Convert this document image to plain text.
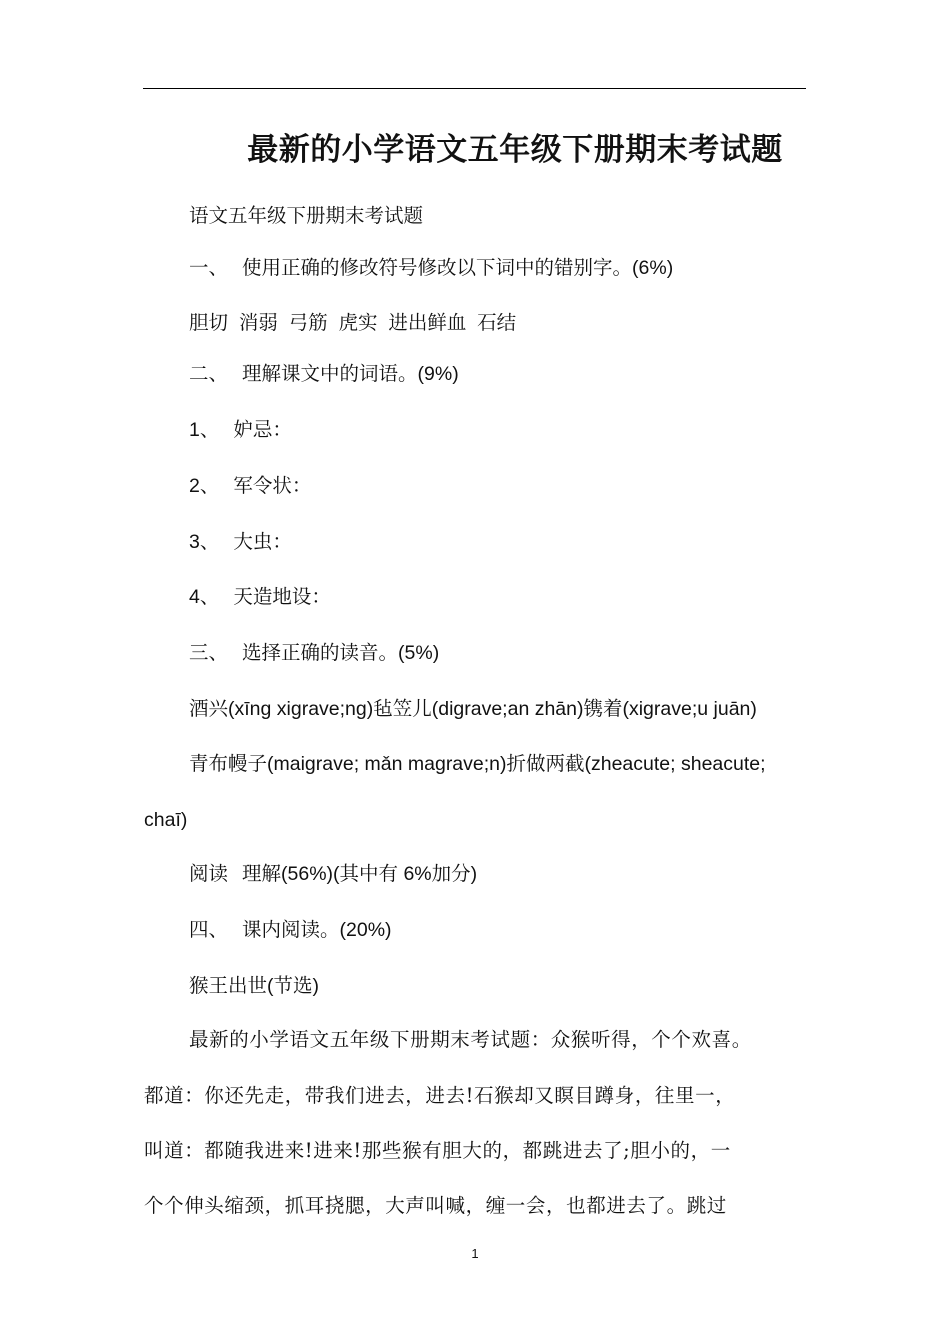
最新的小学语文五年级下册期末考试题
语文五年级下册期末考试题
一、 使用正确的修改符号修改以下词中的错别字。(6%)
胆切  消弱  弓筋  虎实  进出鲜血  石结
二、 理解课文中的词语。(9%)
1、 妒忌：
2、 军令状：
3、 大虫：
4、 天造地设：
三、 选择正确的读音。(5%)
酒兴(xīng xigrave;ng)毡笠儿(digrave;an zhān)镌着(xigrave;u juān)
青布幔子(maigrave; mǎn magrave;n)折做两截(zheacute; sheacute;
chaī)
阅读 理解(56%)(其中有 6%加分)
四、 课内阅读。(20%)
猴王出世(节选)
最新的小学语文五年级下册期末考试题：众猴听得，个个欢喜。
都道：你还先走，带我们进去，进去!石猴却又瞑目蹲身，往里一，
叫道：都随我进来!进来!那些猴有胆大的，都跳进去了;胆小的，一
个个伸头缩颈，抓耳挠腮，大声叫喊，缠一会，也都进去了。跳过
1
